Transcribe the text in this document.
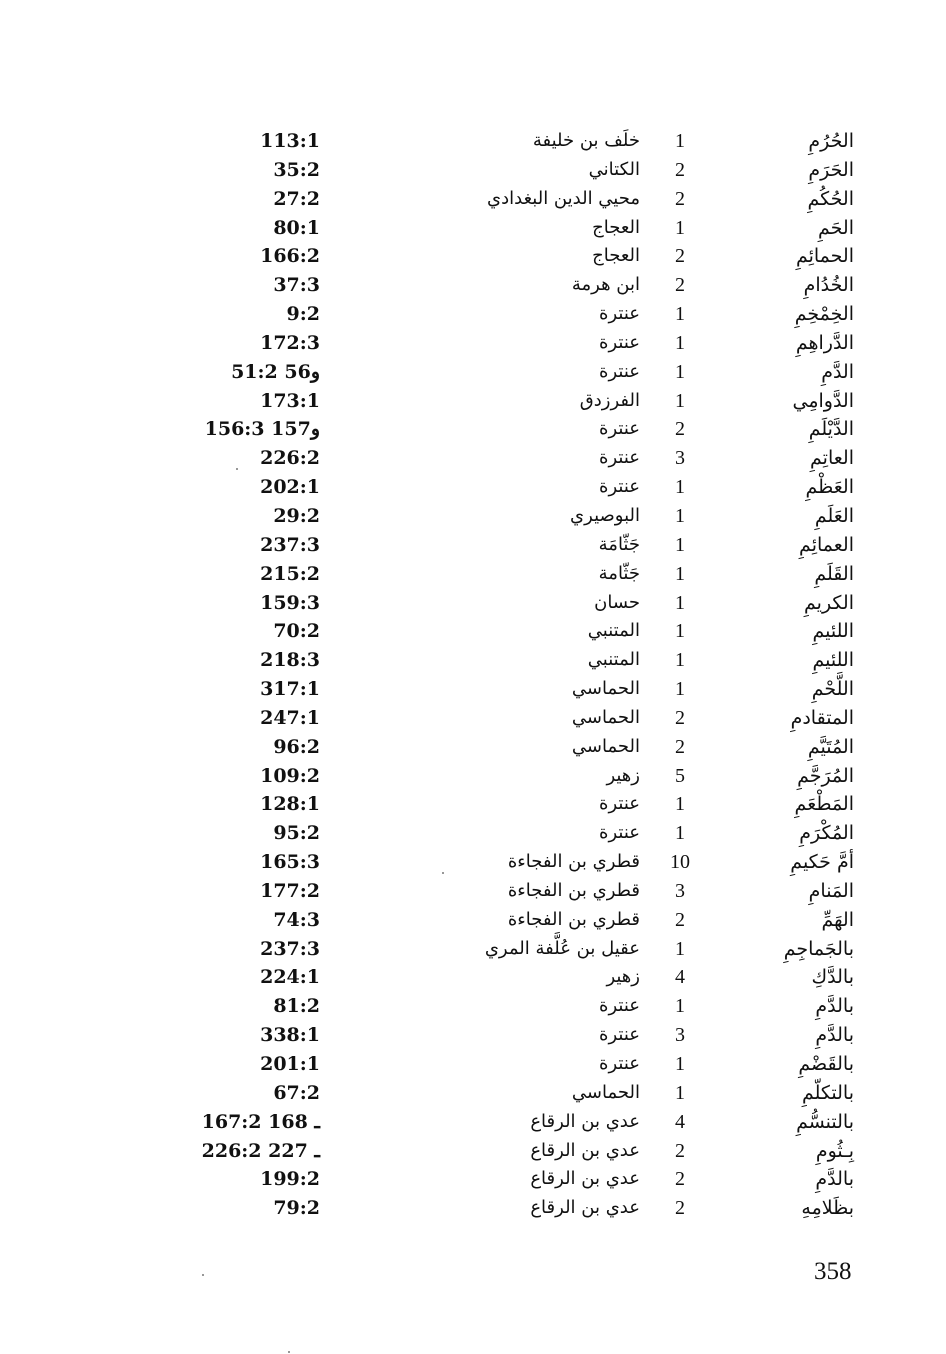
الحُرُمِ
1
خلَف بن خليفة
113:1
الحَرَمِ
2
الكتاني
35:2
الحُكُمِ
2
محيي الدين البغدادي
27:2
الحَمِ
1
العجاج
80:1
الحمائِمِ
2
العجاج
166:2
الخُدُامِ
2
ابن هرمة
37:3
الخِمْخِمِ
1
عنترة
9:2
الدَّراهِمِ
1
عنترة
172:3
الدَّمِ
1
عنترة
51:2 و56
الدَّوامِي
1
الفرزدق
173:1
الدَّيْلَمِ
2
عنترة
156:3 و157
العاتِمِ
3
عنترة
226:2
العَظْمِ
1
عنترة
202:1
العَلَمِ
1
البوصيري
29:2
العمائِمِ
1
جَثّامَة
237:3
القَلَمِ
1
جَثّامة
215:2
الكريمِ
1
حسان
159:3
اللئيمِ
1
المتنبي
70:2
اللئيمِ
1
المتنبي
218:3
اللَّحْمِ
1
الحماسي
317:1
المتقادمِ
2
الحماسي
247:1
المُتَيَّمِ
2
الحماسي
96:2
المُرَجَّمِ
5
زهير
109:2
المَطْعَمِ
1
عنترة
128:1
المُكْرَمِ
1
عنترة
95:2
أمَّ حَكيمِ
10
قطري بن الفجاءة
165:3
المَنامِ
3
قطري بن الفجاءة
177:2
الهَمِّ
2
قطري بن الفجاءة
74:3
بالجَماجِمِ
1
عقيل بن عُلَّفة المري
237:3
بالدَّكِ
4
زهير
224:1
بالدَّمِ
1
عنترة
81:2
بالدَّمِ
3
عنترة
338:1
بالقَضْمِ
1
عنترة
201:1
بالتكلّمِ
1
الحماسي
67:2
بالتنسُّمِ
4
عدي بن الرقاع
167:2 ـ 168
بِـثُومِ
2
عدي بن الرقاع
226:2 ـ 227
بالدَّمِ
2
عدي بن الرقاع
199:2
بظَلامِهِ
2
عدي بن الرقاع
79:2
358
